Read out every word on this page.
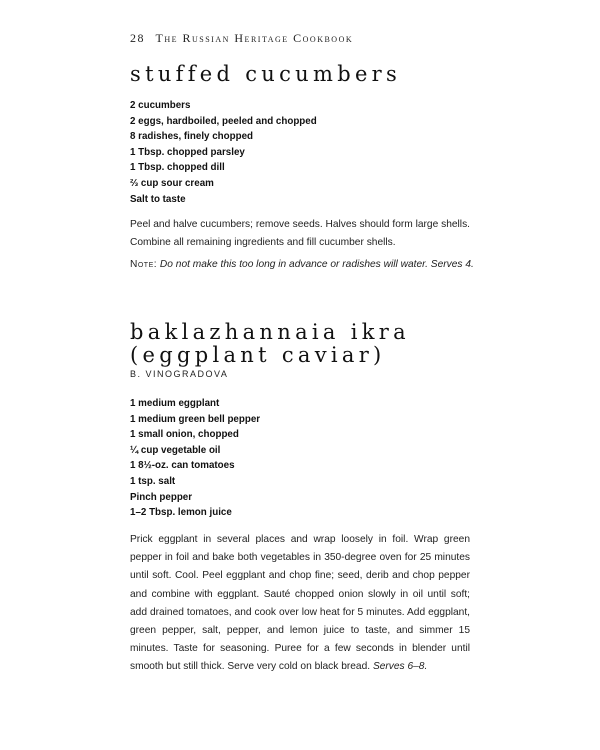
28 The Russian Heritage Cookbook
stuffed cucumbers
2 cucumbers
2 eggs, hardboiled, peeled and chopped
8 radishes, finely chopped
1 Tbsp. chopped parsley
1 Tbsp. chopped dill
⅔ cup sour cream
Salt to taste

Peel and halve cucumbers; remove seeds. Halves should form large shells. Combine all remaining ingredients and fill cucumber shells.

Note: Do not make this too long in advance or radishes will water. Serves 4.

baklazhannaia ikra
(eggplant caviar)
B. VINOGRADOVA
1 medium eggplant
1 medium green bell pepper
1 small onion, chopped
¼ cup vegetable oil
1 8½-oz. can tomatoes
1 tsp. salt
Pinch pepper
1–2 Tbsp. lemon juice

Prick eggplant in several places and wrap loosely in foil. Wrap green pepper in foil and bake both vegetables in 350-degree oven for 25 minutes until soft. Cool. Peel eggplant and chop fine; seed, derib and chop pepper and combine with eggplant. Sauté chopped onion slowly in oil until soft; add drained tomatoes, and cook over low heat for 5 minutes. Add eggplant, green pepper, salt, pepper, and lemon juice to taste, and simmer 15 minutes. Taste for seasoning. Puree for a few seconds in blender until smooth but still thick. Serve very cold on black bread. Serves 6–8.
